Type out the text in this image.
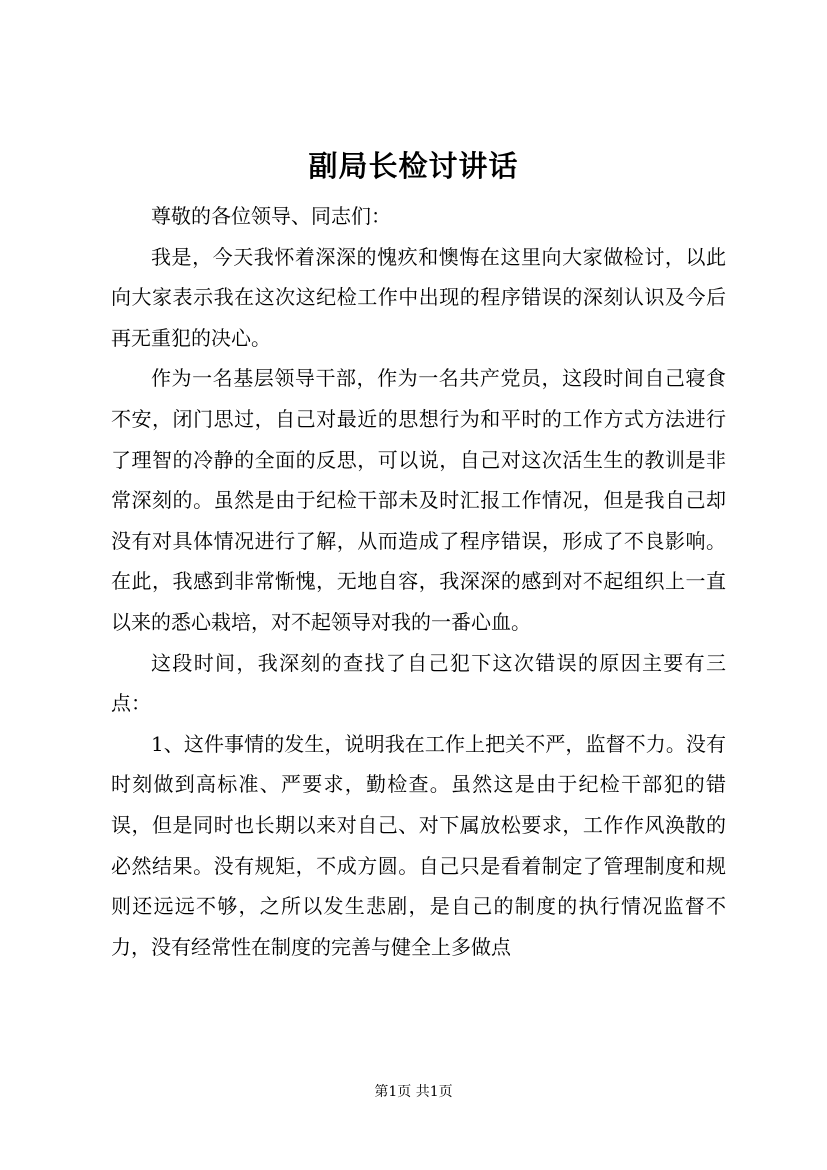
副局长检讨讲话

尊敬的各位领导、同志们：

我是，今天我怀着深深的愧疚和懊悔在这里向大家做检讨，以此向大家表示我在这次这纪检工作中出现的程序错误的深刻认识及今后再无重犯的决心。

作为一名基层领导干部，作为一名共产党员，这段时间自己寝食不安，闭门思过，自己对最近的思想行为和平时的工作方式方法进行了理智的冷静的全面的反思，可以说，自己对这次活生生的教训是非常深刻的。虽然是由于纪检干部未及时汇报工作情况，但是我自己却没有对具体情况进行了解，从而造成了程序错误，形成了不良影响。在此，我感到非常惭愧，无地自容，我深深的感到对不起组织上一直以来的悉心栽培，对不起领导对我的一番心血。

这段时间，我深刻的查找了自己犯下这次错误的原因主要有三点：

1、这件事情的发生，说明我在工作上把关不严，监督不力。没有时刻做到高标准、严要求，勤检查。虽然这是由于纪检干部犯的错误，但是同时也长期以来对自己、对下属放松要求，工作作风涣散的必然结果。没有规矩，不成方圆。自己只是看着制定了管理制度和规则还远远不够，之所以发生悲剧，是自己的制度的执行情况监督不力，没有经常性在制度的完善与健全上多做点

第1页 共1页
